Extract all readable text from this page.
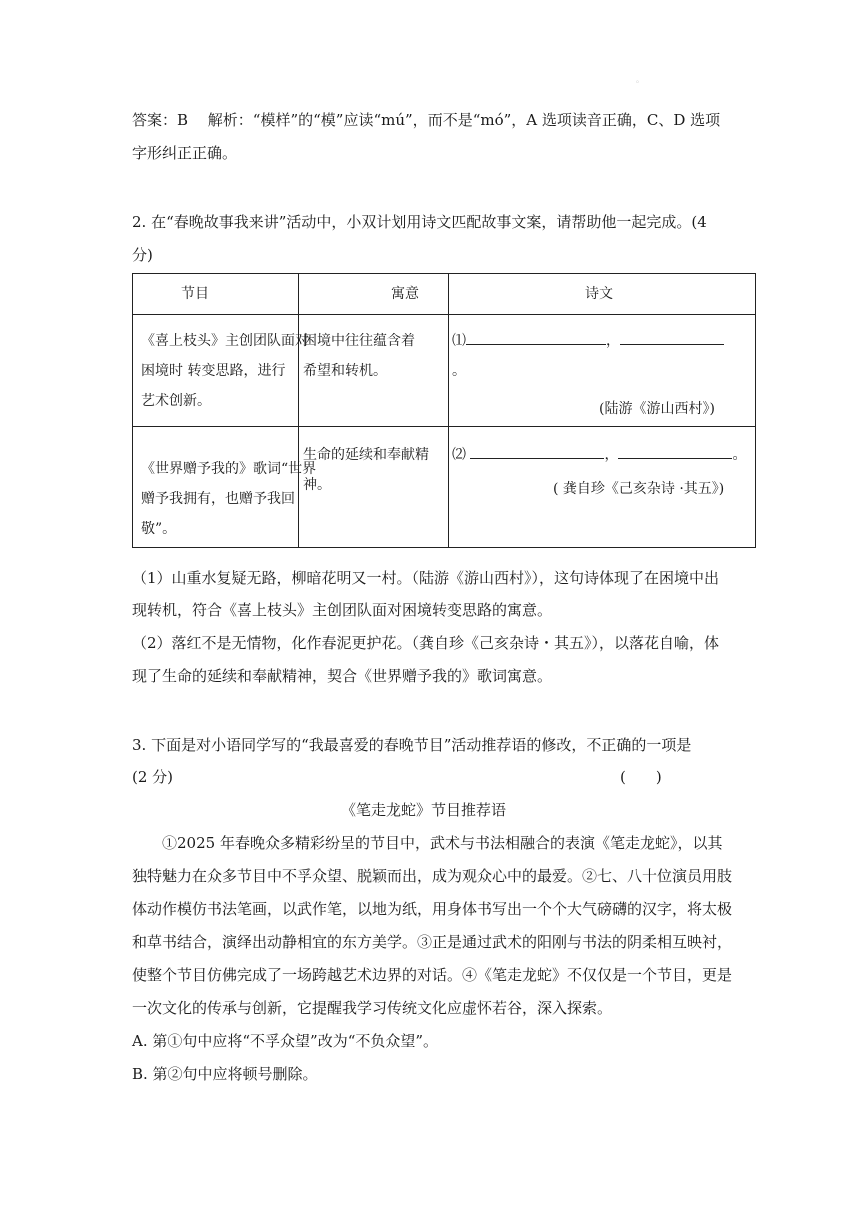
。
答案：B　 解析：“模样”的“模”应读“mú”，而不是“mó”，A 选项读音正确，C、D 选项
字形纠正正确。
2. 在“春晚故事我来讲”活动中，小双计划用诗文匹配故事文案，请帮助他一起完成。(4
分)
节目	寓意	诗文

《喜上枝头》主创团队面对
困境时 转变思路，进行
艺术创新。	困境中往往蕴含着
希望和转机。	⑴ ，
。
(陆游《游山西村》)

《世界赠予我的》歌词“世界
赠予我拥有，也赠予我回
敬”。	生命的延续和奉献精
神。	⑵ ， 。
( 龚自珍《己亥杂诗 ·其五》)
（1）山重水复疑无路，柳暗花明又一村。（陆游《游山西村》），这句诗体现了在困境中出
现转机，符合《喜上枝头》主创团队面对困境转变思路的寓意。
（2）落红不是无情物，化作春泥更护花。（龚自珍《己亥杂诗・其五》），以落花自喻，体
现了生命的延续和奉献精神，契合《世界赠予我的》歌词寓意。
3. 下面是对小语同学写的“我最喜爱的春晚节目”活动推荐语的修改，不正确的一项是
(2 分)	(　　)
《笔走龙蛇》节目推荐语
①2025 年春晚众多精彩纷呈的节目中，武术与书法相融合的表演《笔走龙蛇》，以其
独特魅力在众多节目中不孚众望、脱颖而出，成为观众心中的最爱。②七、八十位演员用肢
体动作模仿书法笔画，以武作笔，以地为纸，用身体书写出一个个大气磅礴的汉字，将太极
和草书结合，演绎出动静相宜的东方美学。③正是通过武术的阳刚与书法的阴柔相互映衬，
使整个节目仿佛完成了一场跨越艺术边界的对话。④《笔走龙蛇》不仅仅是一个节目，更是
一次文化的传承与创新，它提醒我学习传统文化应虚怀若谷，深入探索。
A. 第①句中应将“不孚众望”改为“不负众望”。
B. 第②句中应将顿号删除。
